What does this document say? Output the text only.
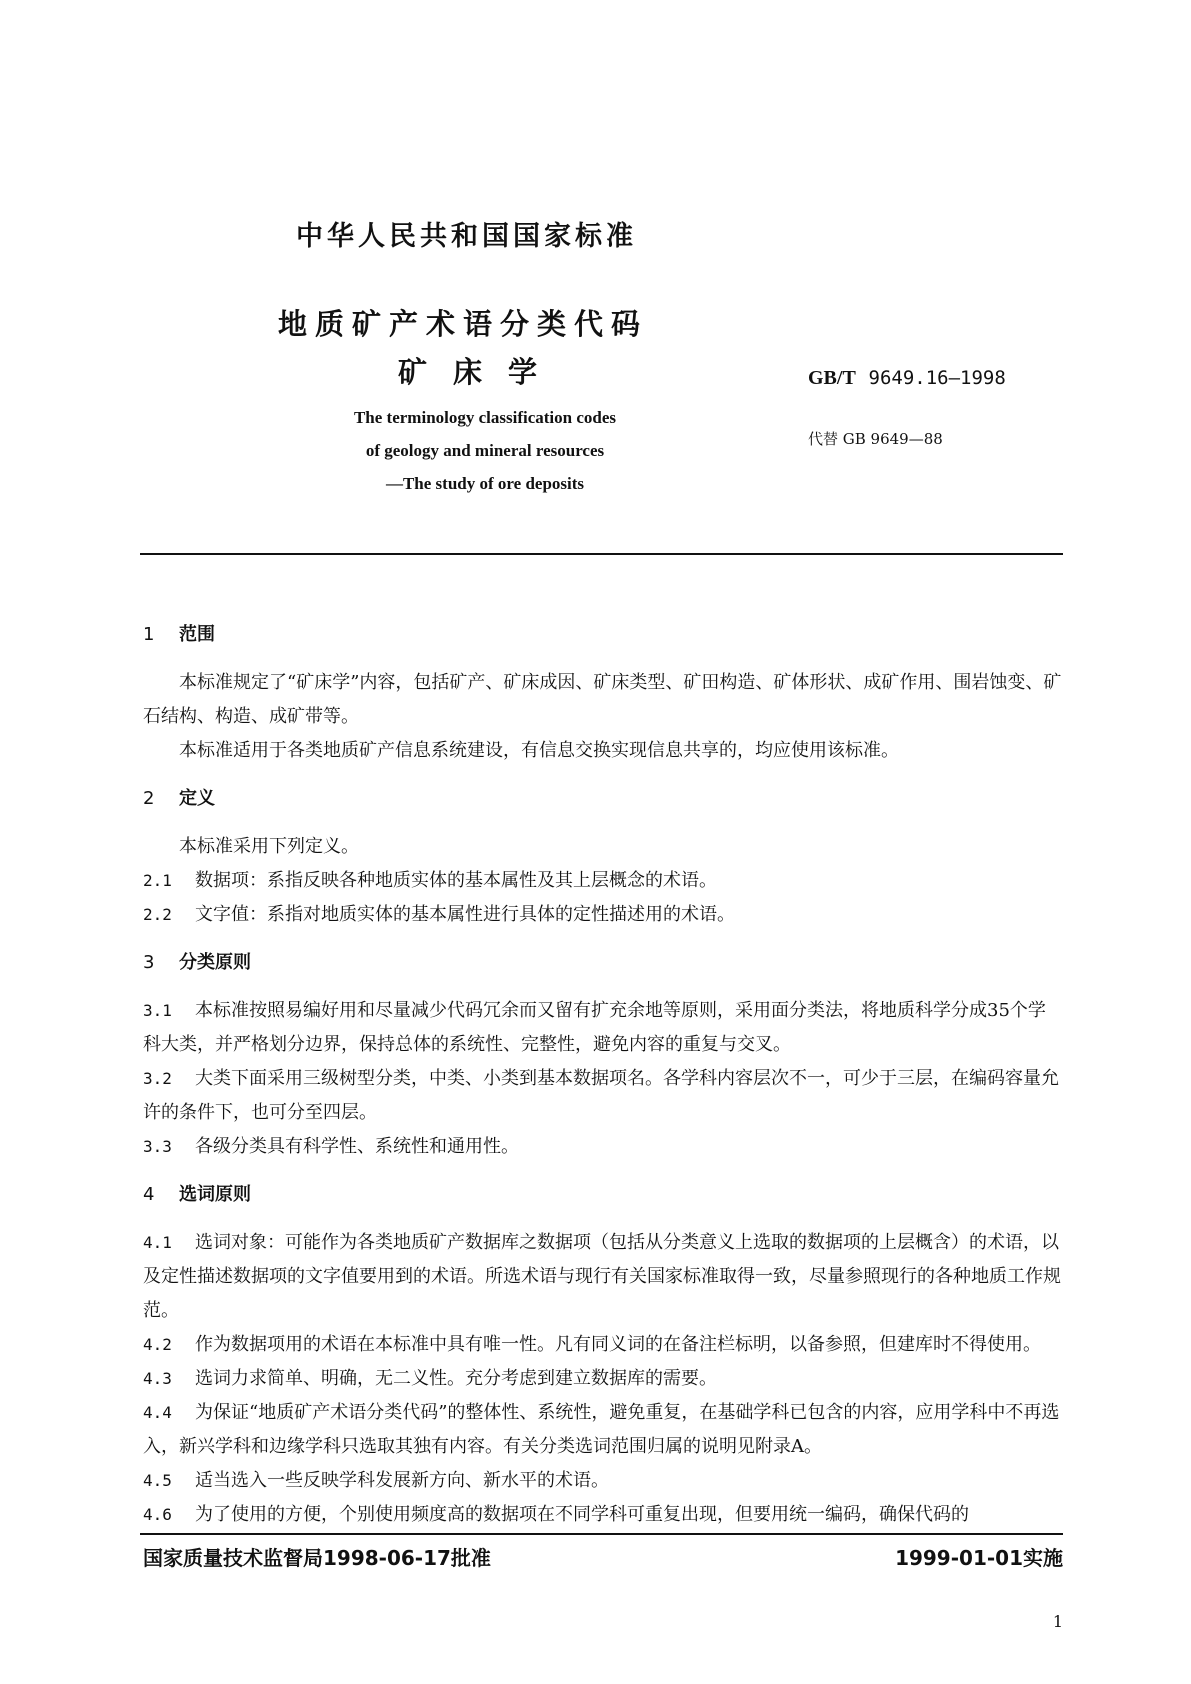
中华人民共和国国家标准
地质矿产术语分类代码
矿床学	GB/T 9649.16—1998
代替 GB 9649—88
The terminology classification codes
of geology and mineral resources
—The study of ore deposits
1 范围
本标准规定了“矿床学”内容，包括矿产、矿床成因、矿床类型、矿田构造、矿体形状、成矿作用、围岩蚀变、矿石结构、构造、成矿带等。
本标准适用于各类地质矿产信息系统建设，有信息交换实现信息共享的，均应使用该标准。
2 定义
本标准采用下列定义。
2.1 数据项：系指反映各种地质实体的基本属性及其上层概念的术语。
2.2 文字值：系指对地质实体的基本属性进行具体的定性描述用的术语。
3 分类原则
3.1 本标准按照易编好用和尽量减少代码冗余而又留有扩充余地等原则，采用面分类法，将地质科学分成35个学科大类，并严格划分边界，保持总体的系统性、完整性，避免内容的重复与交叉。
3.2 大类下面采用三级树型分类，中类、小类到基本数据项名。各学科内容层次不一，可少于三层，在编码容量允许的条件下，也可分至四层。
3.3 各级分类具有科学性、系统性和通用性。
4 选词原则
4.1 选词对象：可能作为各类地质矿产数据库之数据项（包括从分类意义上选取的数据项的上层概含）的术语，以及定性描述数据项的文字值要用到的术语。所选术语与现行有关国家标准取得一致，尽量参照现行的各种地质工作规范。
4.2 作为数据项用的术语在本标准中具有唯一性。凡有同义词的在备注栏标明，以备参照，但建库时不得使用。
4.3 选词力求简单、明确，无二义性。充分考虑到建立数据库的需要。
4.4 为保证“地质矿产术语分类代码”的整体性、系统性，避免重复，在基础学科已包含的内容，应用学科中不再选入，新兴学科和边缘学科只选取其独有内容。有关分类选词范围归属的说明见附录A。
4.5 适当选入一些反映学科发展新方向、新水平的术语。
4.6 为了使用的方便，个别使用频度高的数据项在不同学科可重复出现，但要用统一编码，确保代码的
国家质量技术监督局1998-06-17批准	1999-01-01实施
1
